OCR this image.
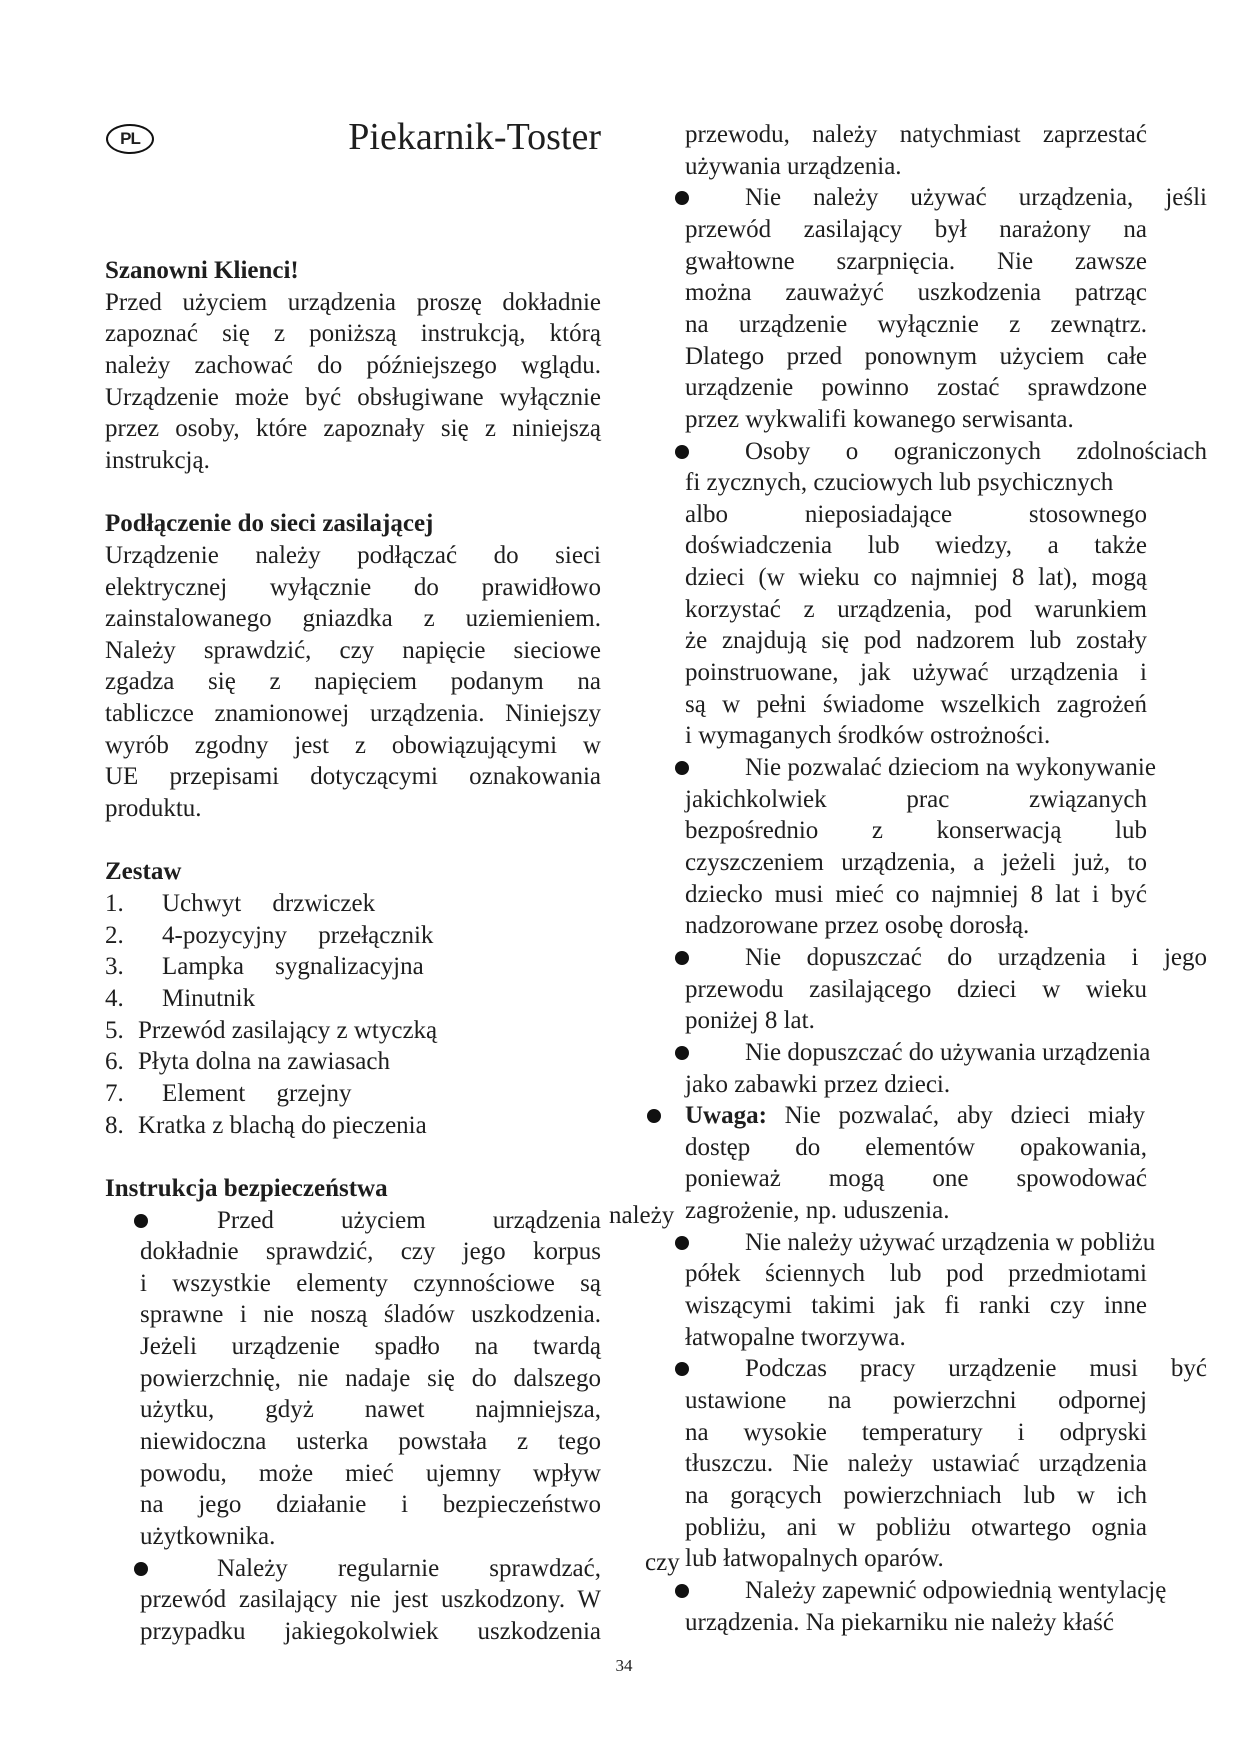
PL	Piekarnik-Toster
Szanowni Klienci!
Przed użyciem urządzenia proszę dokładnie
zapoznać się z poniższą instrukcją, którą
należy zachować do późniejszego wglądu.
Urządzenie może być obsługiwane wyłącznie
przez osoby, które zapoznały się z niniejszą
instrukcją.
Podłączenie do sieci zasilającej
Urządzenie należy podłączać do sieci
elektrycznej wyłącznie do prawidłowo
zainstalowanego gniazdka z uziemieniem.
Należy sprawdzić, czy napięcie sieciowe
zgadza się z napięciem podanym na
tabliczce znamionowej urządzenia. Niniejszy
wyrób zgodny jest z obowiązującymi w
UE przepisami dotyczącymi oznakowania
produktu.
Zestaw
1. Uchwyt     drzwiczek
2. 4-pozycyjny     przełącznik
3. Lampka     sygnalizacyjna
4. Minutnik
5. Przewód zasilający z wtyczką
6. Płyta dolna na zawiasach
7. Element     grzejny
8. Kratka z blachą do pieczenia
Instrukcja bezpieczeństwa
Przed użyciem urządzenia
dokładnie sprawdzić, czy jego korpus
i wszystkie elementy czynnościowe są
sprawne i nie noszą śladów uszkodzenia.
Jeżeli urządzenie spadło na twardą
powierzchnię, nie nadaje się do dalszego
użytku, gdyż nawet najmniejsza,
niewidoczna usterka powstała z tego
powodu, może mieć ujemny wpływ
na jego działanie i bezpieczeństwo
użytkownika.
Należy regularnie sprawdzać,
przewód zasilający nie jest uszkodzony. W
przypadku jakiegokolwiek uszkodzenia
przewodu, należy natychmiast zaprzestać
używania urządzenia.
Nie należy używać urządzenia, jeśli
przewód zasilający był narażony na
gwałtowne szarpnięcia. Nie zawsze
można zauważyć uszkodzenia patrząc
na urządzenie wyłącznie z zewnątrz.
Dlatego przed ponownym użyciem całe
urządzenie powinno zostać sprawdzone
przez wykwalifi kowanego serwisanta.
Osoby o ograniczonych zdolnościach
fi zycznych, czuciowych lub psychicznych
albo nieposiadające stosownego
doświadczenia lub wiedzy, a także
dzieci (w wieku co najmniej 8 lat), mogą
korzystać z urządzenia, pod warunkiem
że znajdują się pod nadzorem lub zostały
poinstruowane, jak używać urządzenia i
są w pełni świadome wszelkich zagrożeń
i wymaganych środków ostrożności.
Nie pozwalać dzieciom na wykonywanie
jakichkolwiek prac związanych
bezpośrednio z konserwacją lub
czyszczeniem urządzenia, a jeżeli już, to
dziecko musi mieć co najmniej 8 lat i być
nadzorowane przez osobę dorosłą.
Nie dopuszczać do urządzenia i jego
przewodu zasilającego dzieci w wieku
poniżej 8 lat.
Nie dopuszczać do używania urządzenia
jako zabawki przez dzieci.
Uwaga: Nie pozwalać, aby dzieci miały
dostęp do elementów opakowania,
ponieważ mogą one spowodować
zagrożenie, np. uduszenia.
Nie należy używać urządzenia w pobliżu
półek ściennych lub pod przedmiotami
wiszącymi takimi jak fi ranki czy inne
łatwopalne tworzywa.
Podczas pracy urządzenie musi być
ustawione na powierzchni odpornej
na wysokie temperatury i odpryski
tłuszczu. Nie należy ustawiać urządzenia
na gorących powierzchniach lub w ich
pobliżu, ani w pobliżu otwartego ognia
lub łatwopalnych oparów.
Należy zapewnić odpowiednią wentylację
urządzenia. Na piekarniku nie należy kłaść
należy
czy
34
